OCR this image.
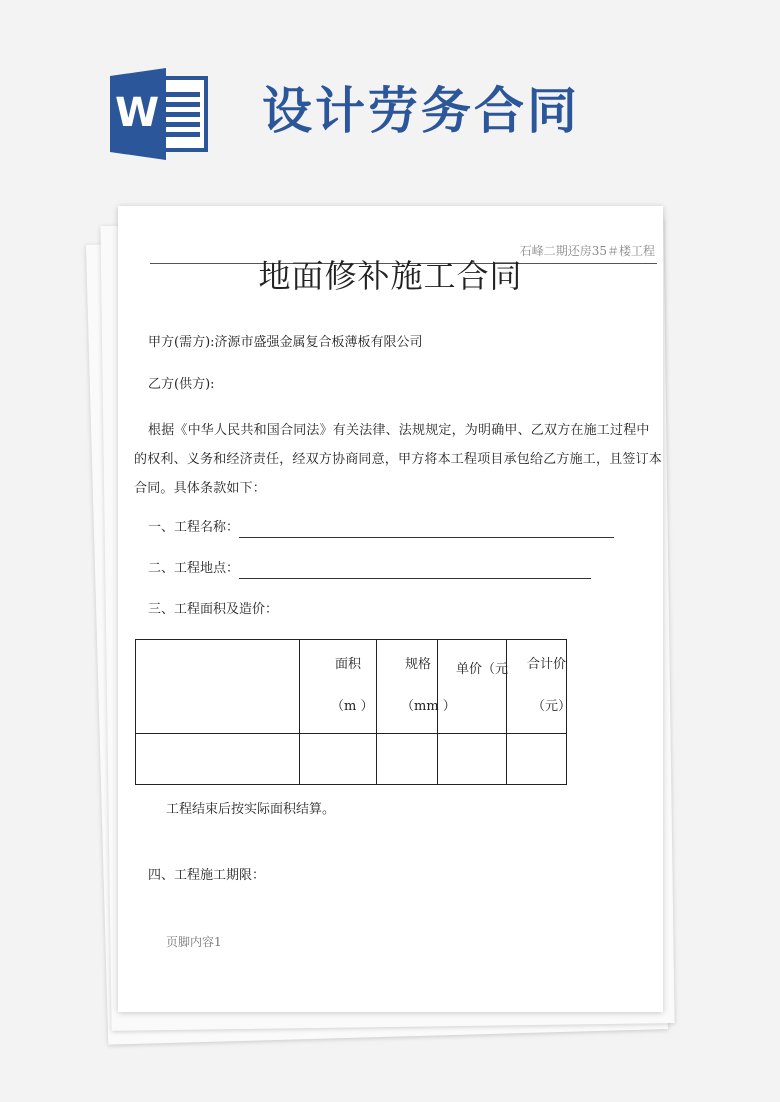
W 设计劳务合同
石峰二期还房35＃楼工程
地面修补施工合同
甲方(需方):济源市盛强金属复合板薄板有限公司
乙方(供方):
根据《中华人民共和国合同法》有关法律、法规规定，为明确甲、乙双方在施工过程中的权利、义务和经济责任，经双方协商同意，甲方将本工程项目承包给乙方施工，且签订本合同。具体条款如下：
一、工程名称：
二、工程地点：
三、工程面积及造价：
面积
（m ）
规格
（mm ）
单价（元 合计价
（元）
工程结束后按实际面积结算。
四、工程施工期限：
页脚内容1
